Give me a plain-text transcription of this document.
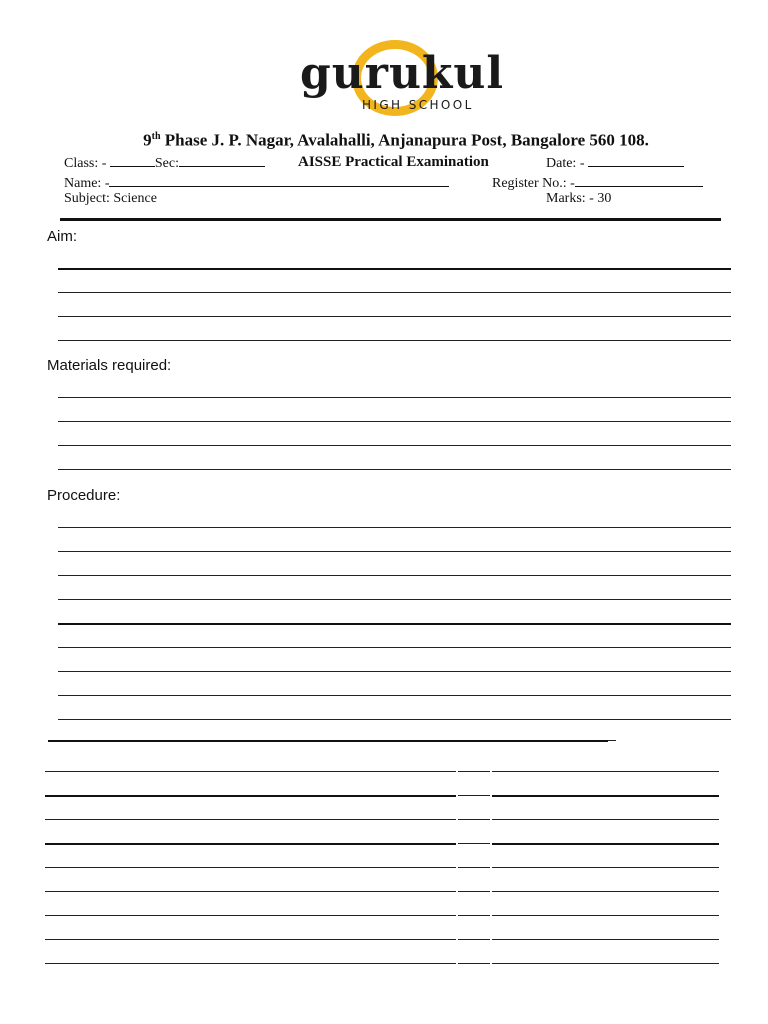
gurukul
HIGH SCHOOL
9th Phase J. P. Nagar, Avalahalli, Anjanapura Post, Bangalore 560 108.
Class: -	Sec:	AISSE Practical Examination	Date: -
Name: -	Register No.: -
Subject: Science	Marks: - 30
Aim:
Materials required:
Procedure:
